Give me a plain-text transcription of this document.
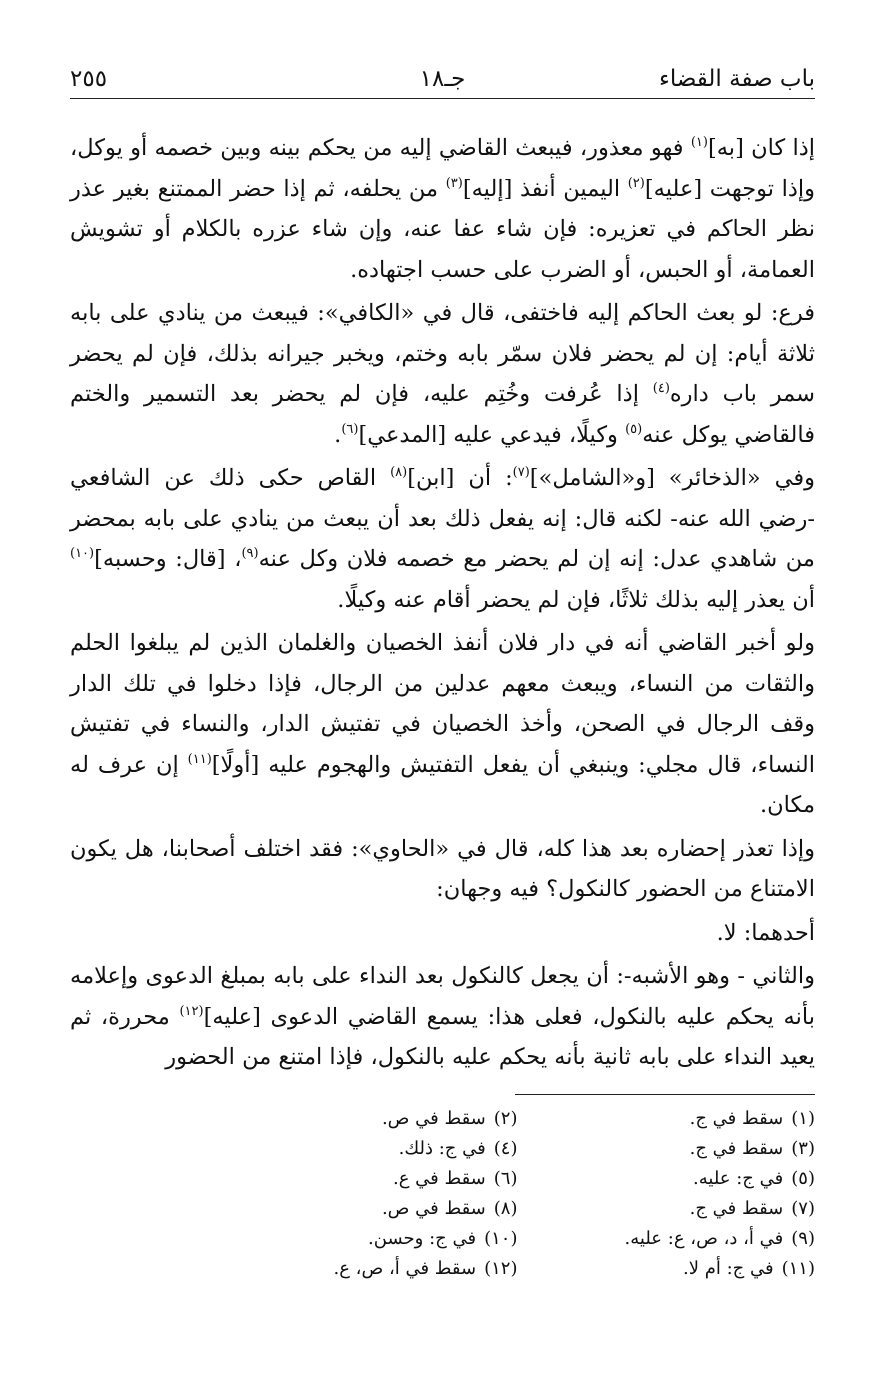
باب صفة القضاء
جـ١٨
٢٥٥

إذا كان [به]$^{(١)}$ فهو معذور، فيبعث القاضي إليه من يحكم بينه وبين خصمه أو يوكل، وإذا توجهت [عليه]$^{(٢)}$ اليمين أنفذ [إليه]$^{(٣)}$ من يحلفه، ثم إذا حضر الممتنع بغير عذر نظر الحاكم في تعزيره: فإن شاء عفا عنه، وإن شاء عزره بالكلام أو تشويش العمامة، أو الحبس، أو الضرب على حسب اجتهاده.

فرع: لو بعث الحاكم إليه فاختفى، قال في «الكافي»: فيبعث من ينادي على بابه ثلاثة أيام: إن لم يحضر فلان سمّر بابه وختم، ويخبر جيرانه بذلك، فإن لم يحضر سمر باب داره$^{(٤)}$ إذا عُرفت وخُتِم عليه، فإن لم يحضر بعد التسمير والختم فالقاضي يوكل عنه$^{(٥)}$ وكيلًا، فيدعي عليه [المدعي]$^{(٦)}$.

وفي «الذخائر» [و«الشامل»]$^{(٧)}$: أن [ابن]$^{(٨)}$ القاص حكى ذلك عن الشافعي -رضي الله عنه- لكنه قال: إنه يفعل ذلك بعد أن يبعث من ينادي على بابه بمحضر من شاهدي عدل: إنه إن لم يحضر مع خصمه فلان وكل عنه$^{(٩)}$، [قال: وحسبه]$^{(١٠)}$ أن يعذر إليه بذلك ثلاثًا، فإن لم يحضر أقام عنه وكيلًا.

ولو أخبر القاضي أنه في دار فلان أنفذ الخصيان والغلمان الذين لم يبلغوا الحلم والثقات من النساء، ويبعث معهم عدلين من الرجال، فإذا دخلوا في تلك الدار وقف الرجال في الصحن، وأخذ الخصيان في تفتيش الدار، والنساء في تفتيش النساء، قال مجلي: وينبغي أن يفعل التفتيش والهجوم عليه [أولًا]$^{(١١)}$ إن عرف له مكان.

وإذا تعذر إحضاره بعد هذا كله، قال في «الحاوي»: فقد اختلف أصحابنا، هل يكون الامتناع من الحضور كالنكول؟ فيه وجهان:

أحدهما: لا.

والثاني - وهو الأشبه-: أن يجعل كالنكول بعد النداء على بابه بمبلغ الدعوى وإعلامه بأنه يحكم عليه بالنكول، فعلى هذا: يسمع القاضي الدعوى [عليه]$^{(١٢)}$ محررة، ثم يعيد النداء على بابه ثانية بأنه يحكم عليه بالنكول، فإذا امتنع من الحضور

(١)سقط في ج.
(٢)سقط في ص.
(٣)سقط في ج.
(٤)في ج: ذلك.
(٥)في ج: عليه.
(٦)سقط في ع.
(٧)سقط في ج.
(٨)سقط في ص.
(٩)في أ، د، ص، ع: عليه.
(١٠)في ج: وحسن.
(١١)في ج: أم لا.
(١٢)سقط في أ، ص، ع.
